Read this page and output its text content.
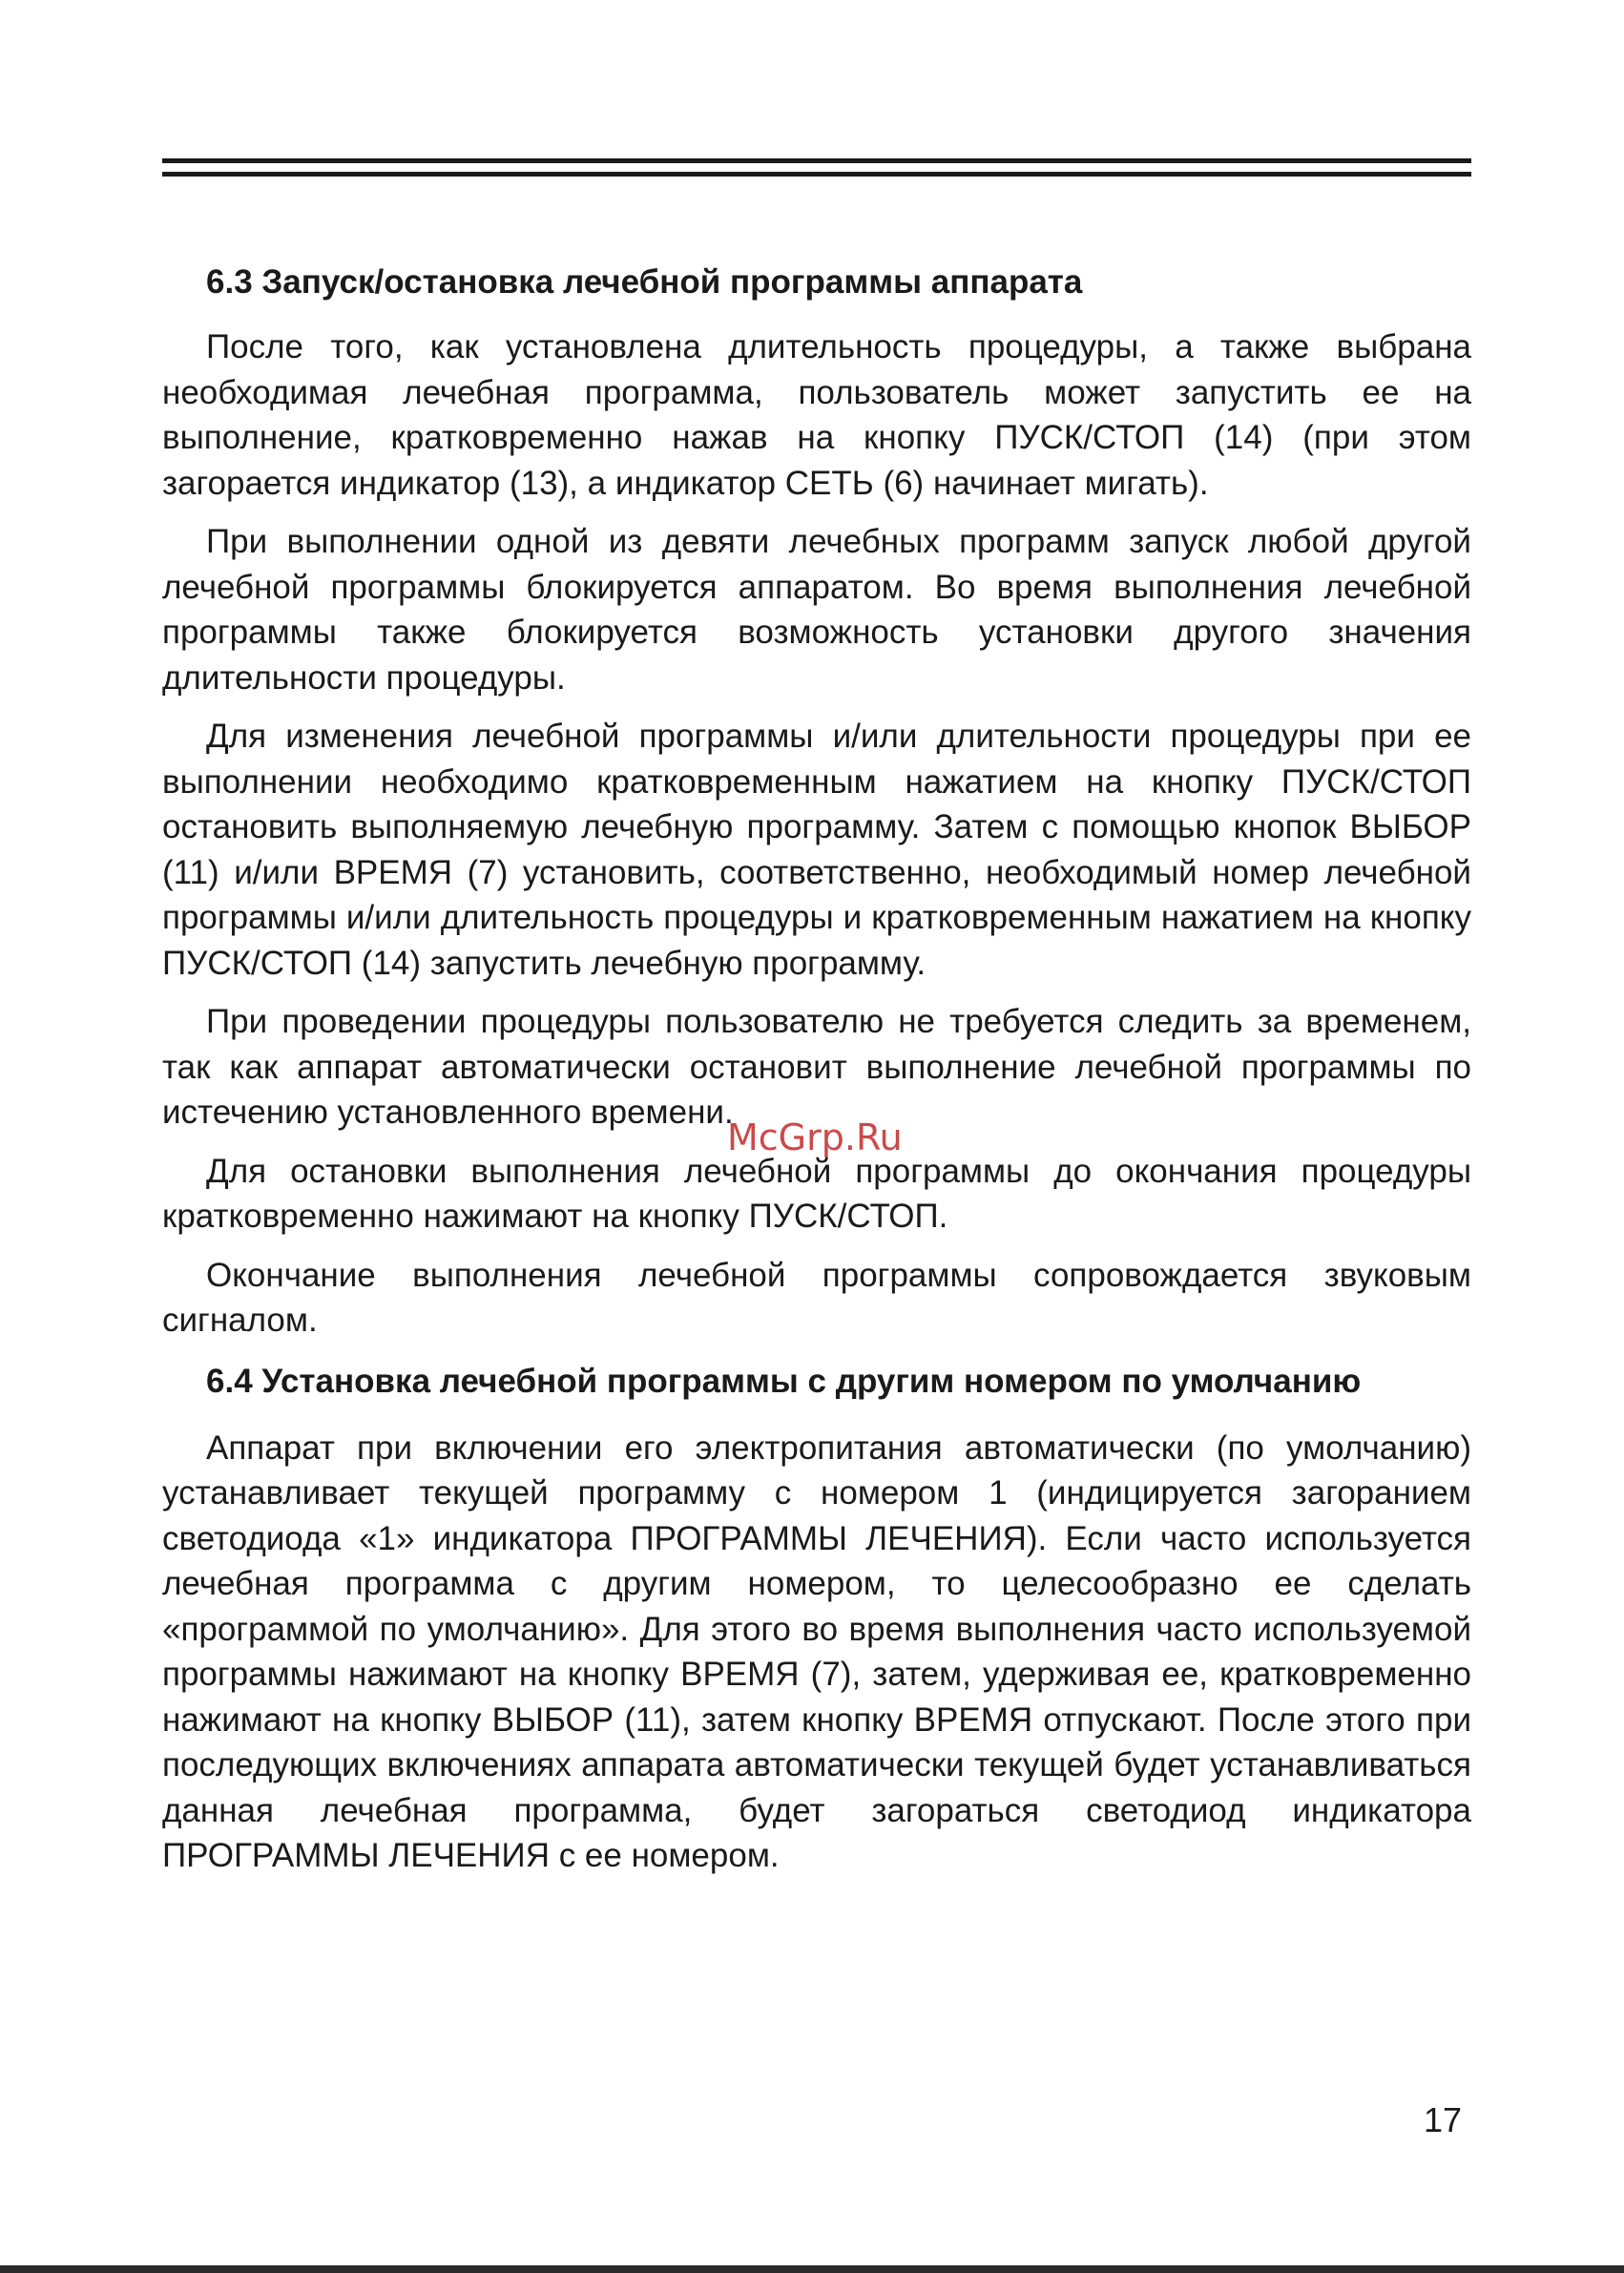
6.3 Запуск/остановка лечебной программы аппарата

После того, как установлена длительность процедуры, а также выбрана необходимая лечебная программа, пользователь может запустить ее на выполнение, кратковременно нажав на кнопку ПУСК/СТОП (14) (при этом загорается индикатор (13), а индикатор СЕТЬ (6) начинает мигать).

При выполнении одной из девяти лечебных программ запуск любой другой лечебной программы блокируется аппаратом. Во время выполнения лечебной программы также блокируется возможность установки другого значения длительности процедуры.

Для изменения лечебной программы и/или длительности процедуры при ее выполнении необходимо кратковременным нажатием на кнопку ПУСК/СТОП остановить выполняемую лечебную программу. Затем с помощью кнопок ВЫБОР (11) и/или ВРЕМЯ (7) установить, соответственно, необходимый номер лечебной программы и/или длительность процедуры и кратковременным нажатием на кнопку ПУСК/СТОП (14) запустить лечебную программу.

При проведении процедуры пользователю не требуется следить за временем, так как аппарат автоматически остановит выполнение лечебной программы по истечению установленного времени.

Для остановки выполнения лечебной программы до окончания процедуры кратковременно нажимают на кнопку ПУСК/СТОП.

Окончание выполнения лечебной программы сопровождается звуковым сигналом.

6.4 Установка лечебной программы с другим номером по умолчанию

Аппарат при включении его электропитания автоматически (по умолчанию) устанавливает текущей программу с номером 1 (индицируется загоранием светодиода «1» индикатора ПРОГРАММЫ ЛЕЧЕНИЯ). Если часто используется лечебная программа с другим номером, то целесообразно ее сделать «программой по умолчанию». Для этого во время выполнения часто используемой программы нажимают на кнопку ВРЕМЯ (7), затем, удерживая ее, кратковременно нажимают на кнопку ВЫБОР (11), затем кнопку ВРЕМЯ отпускают. После этого при последующих включениях аппарата автоматически текущей будет устанавливаться данная лечебная программа, будет загораться светодиод индикатора ПРОГРАММЫ ЛЕЧЕНИЯ с ее номером.

McGrp.Ru
17
